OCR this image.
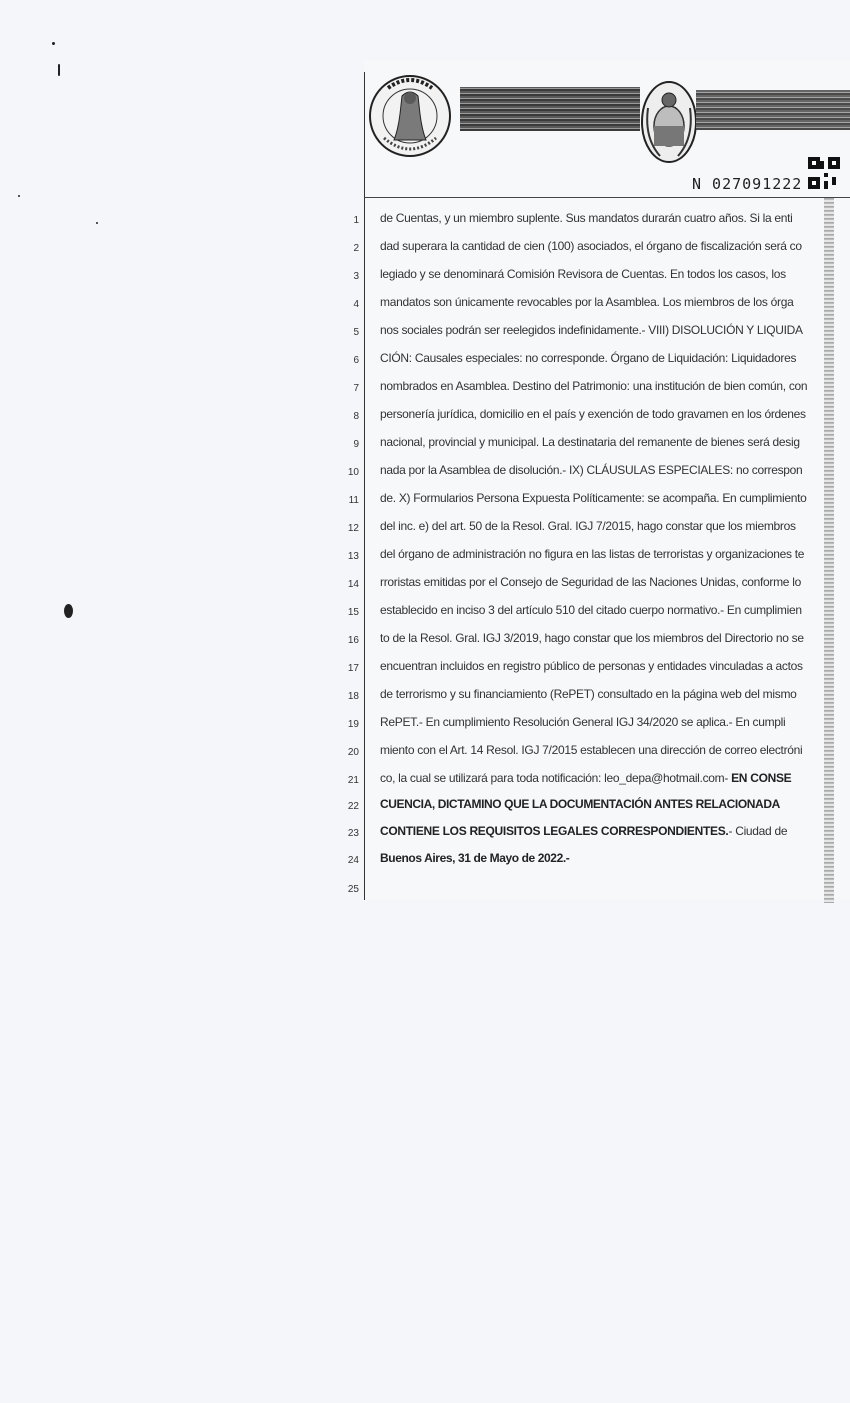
N 027091222
1 de Cuentas, y un miembro suplente. Sus mandatos durarán cuatro años. Si la enti
2 dad superara la cantidad de cien (100) asociados, el órgano de fiscalización será co
3 legiado y se denominará Comisión Revisora de Cuentas. En todos los casos, los
4 mandatos son únicamente revocables por la Asamblea. Los miembros de los órga
5 nos sociales podrán ser reelegidos indefinidamente.- VIII) DISOLUCIÓN Y LIQUIDA
6 CIÓN: Causales especiales: no corresponde. Órgano de Liquidación: Liquidadores
7 nombrados en Asamblea. Destino del Patrimonio: una institución de bien común, con
8 personería jurídica, domicilio en el país y exención de todo gravamen en los órdenes
9 nacional, provincial y municipal. La destinataria del remanente de bienes será desig
10 nada por la Asamblea de disolución.- IX) CLÁUSULAS ESPECIALES: no correspon
11 de. X) Formularios Persona Expuesta Políticamente: se acompaña. En cumplimiento
12 del inc. e) del art. 50 de la Resol. Gral. IGJ 7/2015, hago constar que los miembros
13 del órgano de administración no figura en las listas de terroristas y organizaciones te
14 rroristas emitidas por el Consejo de Seguridad de las Naciones Unidas, conforme lo
15 establecido en inciso 3 del artículo 510 del citado cuerpo normativo.- En cumplimien
16 to de la Resol. Gral. IGJ 3/2019, hago constar que los miembros del Directorio no se
17 encuentran incluidos en registro público de personas y entidades vinculadas a actos
18 de terrorismo y su financiamiento (RePET) consultado en la página web del mismo
19 RePET.- En cumplimiento Resolución General IGJ 34/2020 se aplica.- En cumpli
20 miento con el Art. 14 Resol. IGJ 7/2015 establecen una dirección de correo electróni
21 co, la cual se utilizará para toda notificación: leo_depa@hotmail.com- EN CONSE
22 CUENCIA, DICTAMINO QUE LA DOCUMENTACIÓN ANTES RELACIONADA
23 CONTIENE LOS REQUISITOS LEGALES CORRESPONDIENTES.- Ciudad de
24 Buenos Aires, 31 de Mayo de 2022.-
25
